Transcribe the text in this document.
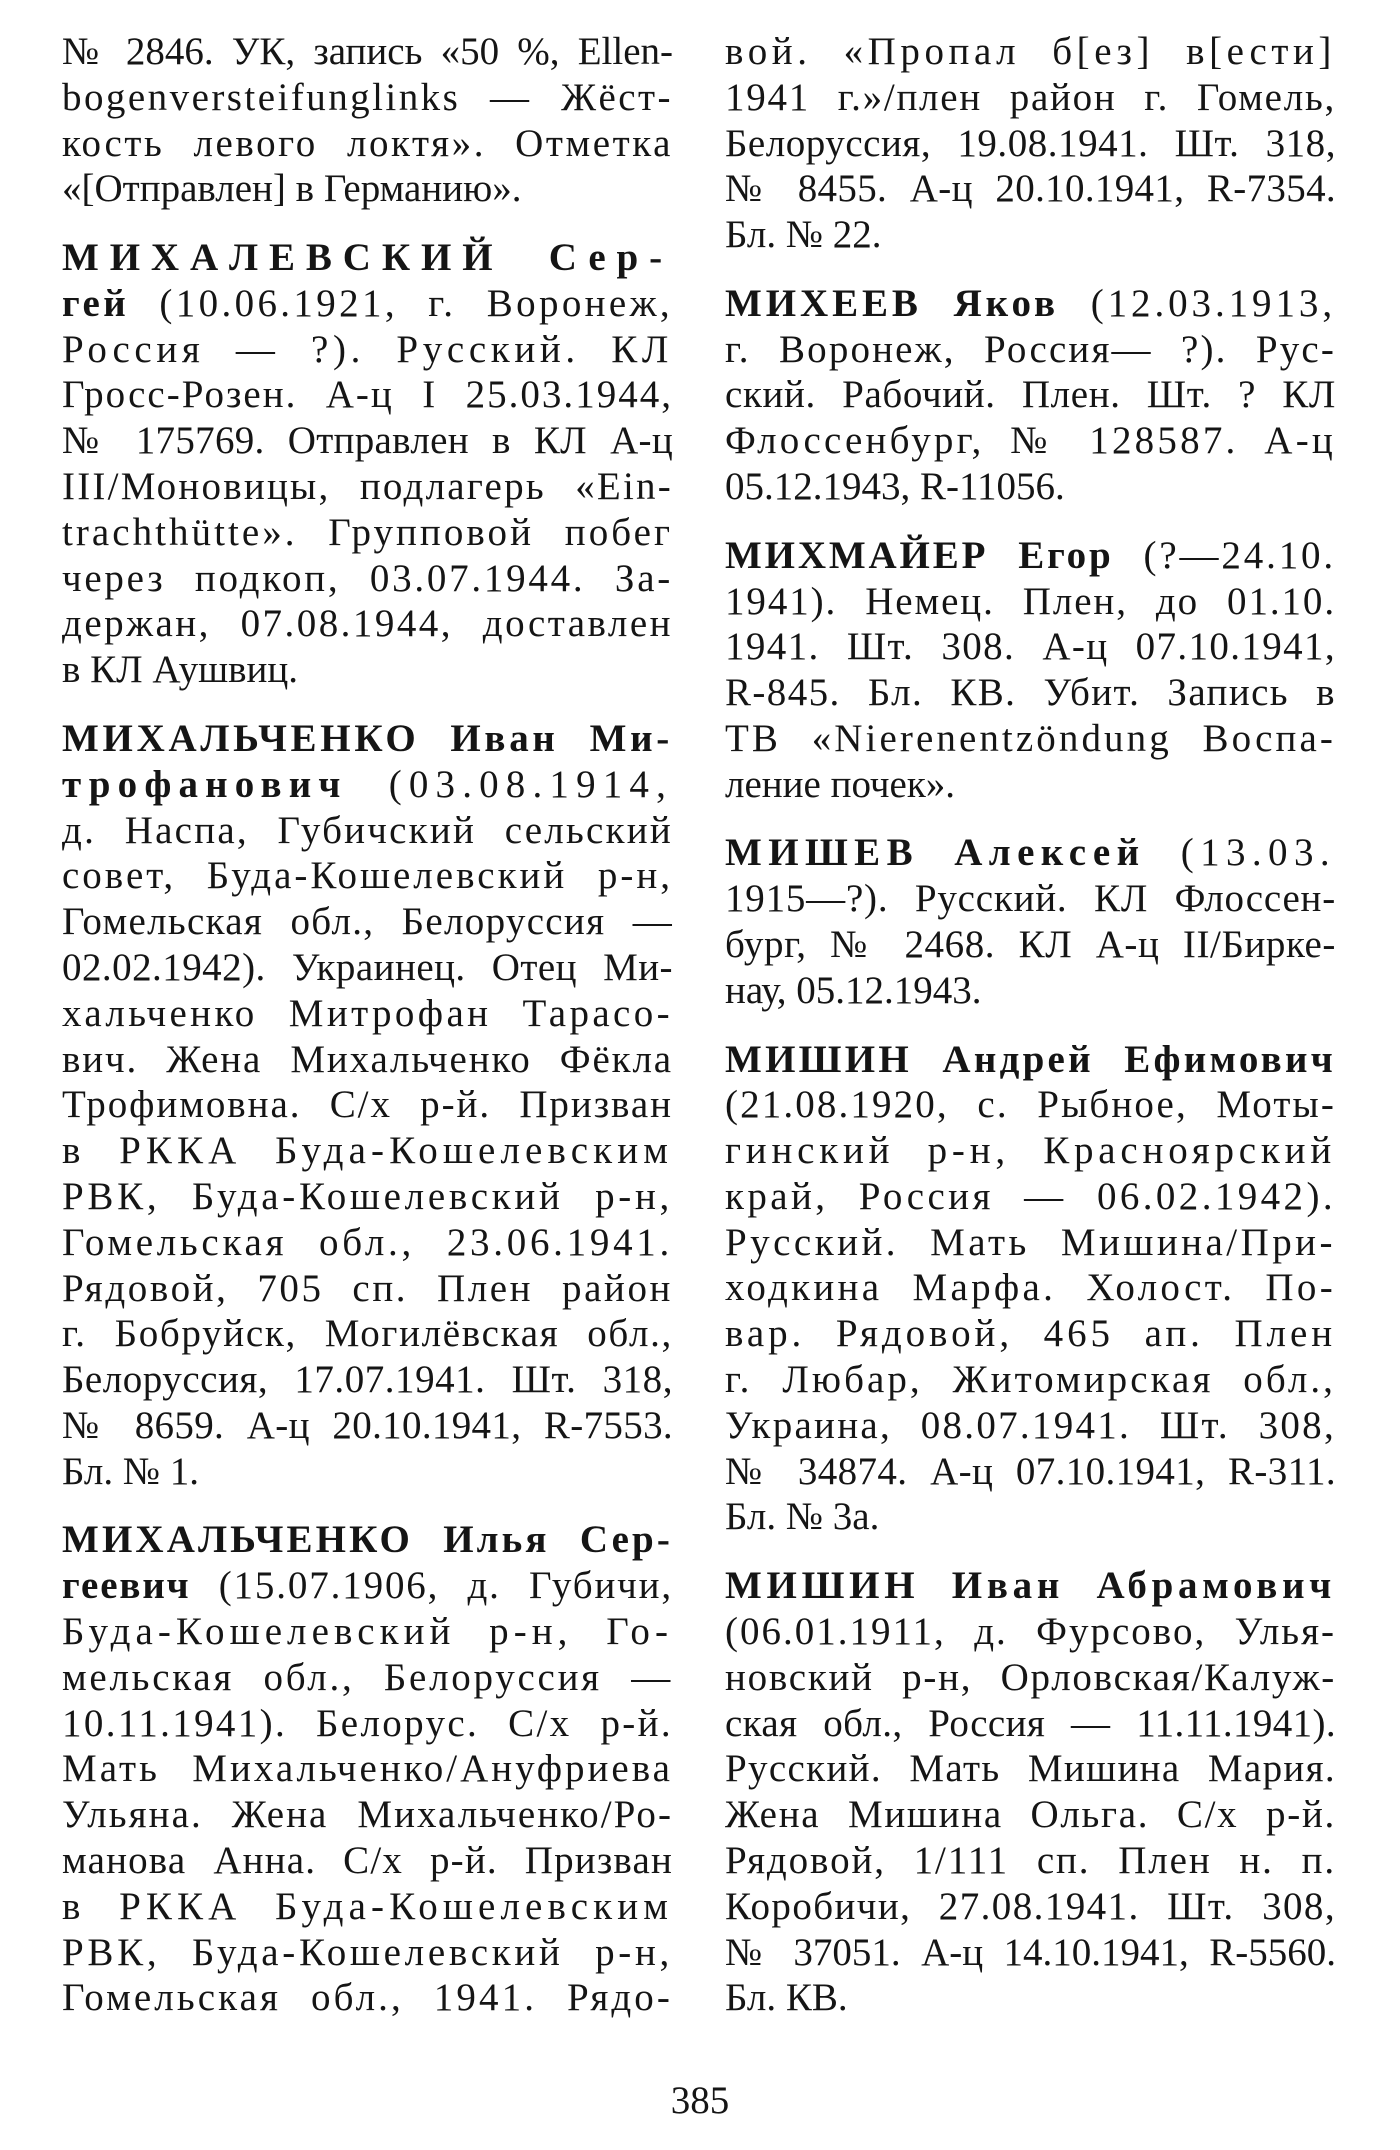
№ 2846. УК, запись «50 %, Ellen-
bogenversteifunglinks — Жёст-
кость левого локтя». Отметка
«[Отправлен] в Германию».
МИХАЛЕВСКИЙ Сер-
гей (10.06.1921, г. Воронеж,
Россия — ?). Русский. КЛ
Гросс-Розен. А-ц I 25.03.1944,
№ 175769. Отправлен в КЛ А-ц
III/Моновицы, подлагерь «Ein-
trachthütte». Групповой побег
через подкоп, 03.07.1944. За-
держан, 07.08.1944, доставлен
в КЛ Аушвиц.
МИХАЛЬЧЕНКО Иван Ми-
трофанович (03.08.1914,
д. Наспа, Губичский сельский
совет, Буда-Кошелевский р-н,
Гомельская обл., Белоруссия —
02.02.1942). Украинец. Отец Ми-
хальченко Митрофан Тарасо-
вич. Жена Михальченко Фёкла
Трофимовна. С/х р-й. Призван
в РККА Буда-Кошелевским
РВК, Буда-Кошелевский р-н,
Гомельская обл., 23.06.1941.
Рядовой, 705 сп. Плен район
г. Бобруйск, Могилёвская обл.,
Белоруссия, 17.07.1941. Шт. 318,
№ 8659. А-ц 20.10.1941, R-7553.
Бл. № 1.
МИХАЛЬЧЕНКО Илья Сер-
геевич (15.07.1906, д. Губичи,
Буда-Кошелевский р-н, Го-
мельская обл., Белоруссия —
10.11.1941). Белорус. С/х р-й.
Мать Михальченко/Ануфриева
Ульяна. Жена Михальченко/Ро-
манова Анна. С/х р-й. Призван
в РККА Буда-Кошелевским
РВК, Буда-Кошелевский р-н,
Гомельская обл., 1941. Рядо-
вой. «Пропал б[ез] в[ести]
1941 г.»/плен район г. Гомель,
Белоруссия, 19.08.1941. Шт. 318,
№ 8455. А-ц 20.10.1941, R-7354.
Бл. № 22.
МИХЕЕВ Яков (12.03.1913,
г. Воронеж, Россия— ?). Рус-
ский. Рабочий. Плен. Шт. ? КЛ
Флоссенбург, № 128587. А-ц
05.12.1943, R-11056.
МИХМАЙЕР Егор (?—24.10.
1941). Немец. Плен, до 01.10.
1941. Шт. 308. А-ц 07.10.1941,
R-845. Бл. КВ. Убит. Запись в
ТВ «Nierenentzöndung Воспа-
ление почек».
МИШЕВ Алексей (13.03.
1915—?). Русский. КЛ Флоссен-
бург, № 2468. КЛ А-ц II/Бирке-
нау, 05.12.1943.
МИШИН Андрей Ефимович
(21.08.1920, с. Рыбное, Моты-
гинский р-н, Красноярский
край, Россия — 06.02.1942).
Русский. Мать Мишина/При-
ходкина Марфа. Холост. По-
вар. Рядовой, 465 ап. Плен
г. Любар, Житомирская обл.,
Украина, 08.07.1941. Шт. 308,
№ 34874. А-ц 07.10.1941, R-311.
Бл. № 3а.
МИШИН Иван Абрамович
(06.01.1911, д. Фурсово, Улья-
новский р-н, Орловская/Калуж-
ская обл., Россия — 11.11.1941).
Русский. Мать Мишина Мария.
Жена Мишина Ольга. С/х р-й.
Рядовой, 1/111 сп. Плен н. п.
Коробичи, 27.08.1941. Шт. 308,
№ 37051. А-ц 14.10.1941, R-5560.
Бл. КВ.
385
